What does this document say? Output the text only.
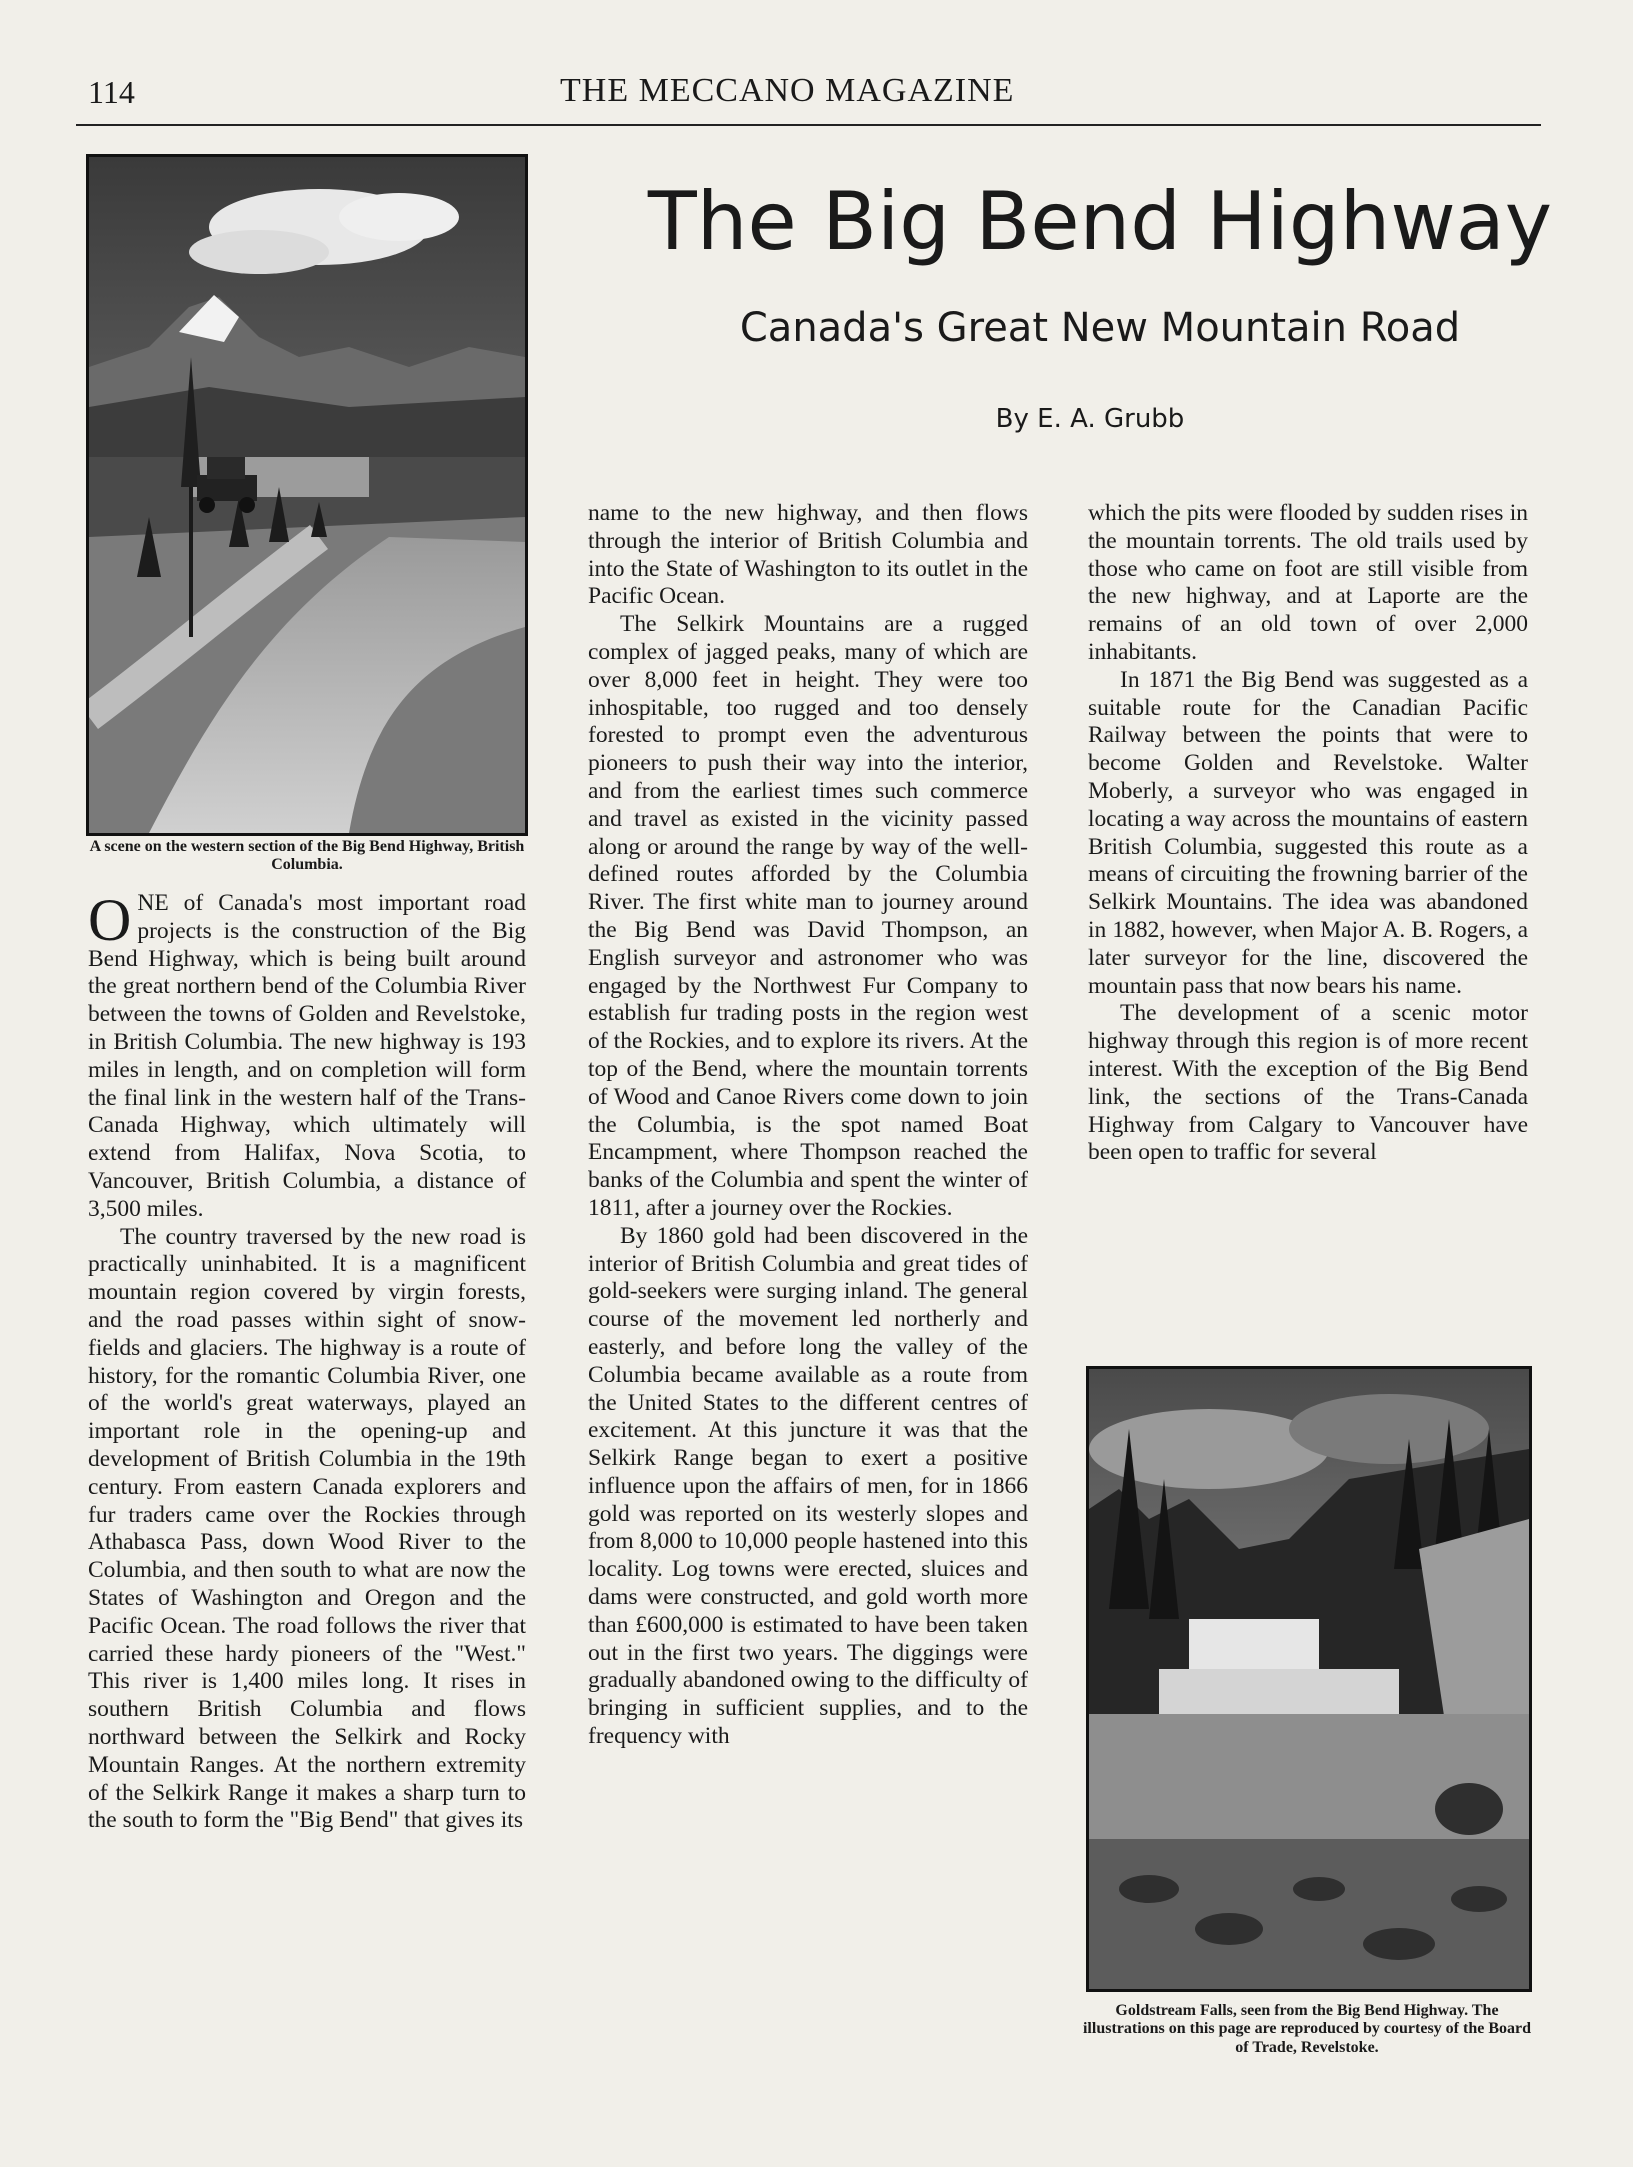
114	THE MECCANO MAGAZINE
The Big Bend Highway
Canada's Great New Mountain Road
By E. A. Grubb
A scene on the western section of the Big Bend Highway, British Columbia.

ONE of Canada's most important road projects is the construction of the Big Bend Highway, which is being built around the great northern bend of the Columbia River between the towns of Golden and Revelstoke, in British Columbia. The new highway is 193 miles in length, and on completion will form the final link in the western half of the Trans-Canada Highway, which ultimately will extend from Halifax, Nova Scotia, to Vancouver, British Columbia, a distance of 3,500 miles.

The country traversed by the new road is practically uninhabited. It is a magnificent mountain region covered by virgin forests, and the road passes within sight of snow-fields and glaciers. The highway is a route of history, for the romantic Columbia River, one of the world's great waterways, played an important role in the opening-up and development of British Columbia in the 19th century. From eastern Canada explorers and fur traders came over the Rockies through Athabasca Pass, down Wood River to the Columbia, and then south to what are now the States of Washington and Oregon and the Pacific Ocean. The road follows the river that carried these hardy pioneers of the "West." This river is 1,400 miles long. It rises in southern British Columbia and flows northward between the Selkirk and Rocky Mountain Ranges. At the northern extremity of the Selkirk Range it makes a sharp turn to the south to form the "Big Bend" that gives its

name to the new highway, and then flows through the interior of British Columbia and into the State of Washington to its outlet in the Pacific Ocean.

The Selkirk Mountains are a rugged complex of jagged peaks, many of which are over 8,000 feet in height. They were too inhospitable, too rugged and too densely forested to prompt even the adventurous pioneers to push their way into the interior, and from the earliest times such commerce and travel as existed in the vicinity passed along or around the range by way of the well-defined routes afforded by the Columbia River. The first white man to journey around the Big Bend was David Thompson, an English surveyor and astronomer who was engaged by the Northwest Fur Company to establish fur trading posts in the region west of the Rockies, and to explore its rivers. At the top of the Bend, where the mountain torrents of Wood and Canoe Rivers come down to join the Columbia, is the spot named Boat Encampment, where Thompson reached the banks of the Columbia and spent the winter of 1811, after a journey over the Rockies.

By 1860 gold had been discovered in the interior of British Columbia and great tides of gold-seekers were surging inland. The general course of the movement led northerly and easterly, and before long the valley of the Columbia became available as a route from the United States to the different centres of excitement. At this juncture it was that the Selkirk Range began to exert a positive influence upon the affairs of men, for in 1866 gold was reported on its westerly slopes and from 8,000 to 10,000 people hastened into this locality. Log towns were erected, sluices and dams were constructed, and gold worth more than £600,000 is estimated to have been taken out in the first two years. The diggings were gradually abandoned owing to the difficulty of bringing in sufficient supplies, and to the frequency with

which the pits were flooded by sudden rises in the mountain torrents. The old trails used by those who came on foot are still visible from the new highway, and at Laporte are the remains of an old town of over 2,000 inhabitants.

In 1871 the Big Bend was suggested as a suitable route for the Canadian Pacific Railway between the points that were to become Golden and Revelstoke. Walter Moberly, a surveyor who was engaged in locating a way across the mountains of eastern British Columbia, suggested this route as a means of circuiting the frowning barrier of the Selkirk Mountains. The idea was abandoned in 1882, however, when Major A. B. Rogers, a later surveyor for the line, discovered the mountain pass that now bears his name.

The development of a scenic motor highway through this region is of more recent interest. With the exception of the Big Bend link, the sections of the Trans-Canada Highway from Calgary to Vancouver have been open to traffic for several

Goldstream Falls, seen from the Big Bend Highway. The illustrations on this page are reproduced by courtesy of the Board of Trade, Revelstoke.
